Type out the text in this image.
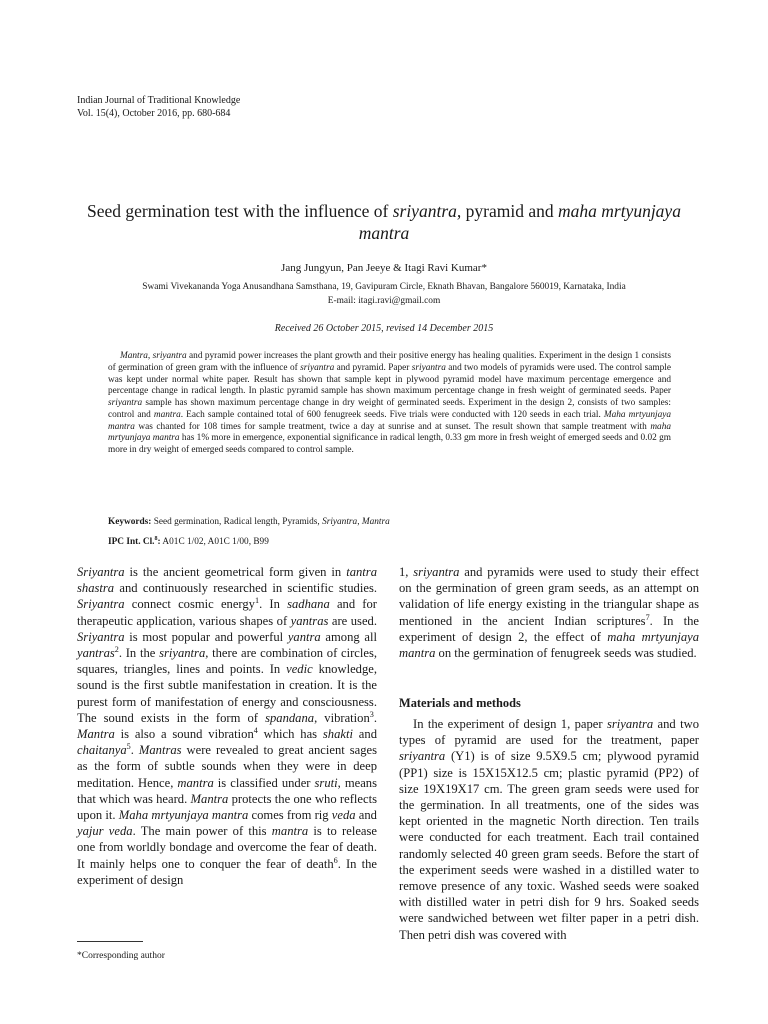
Indian Journal of Traditional Knowledge
Vol. 15(4), October 2016, pp. 680-684
Seed germination test with the influence of sriyantra, pyramid and maha mrtyunjaya mantra
Jang Jungyun, Pan Jeeye & Itagi Ravi Kumar*
Swami Vivekananda Yoga Anusandhana Samsthana, 19, Gavipuram Circle, Eknath Bhavan, Bangalore 560019, Karnataka, India
E-mail: itagi.ravi@gmail.com
Received 26 October 2015, revised 14 December 2015

Mantra, sriyantra and pyramid power increases the plant growth and their positive energy has healing qualities. Experiment in the design 1 consists of germination of green gram with the influence of sriyantra and pyramid. Paper sriyantra and two models of pyramids were used. The control sample was kept under normal white paper. Result has shown that sample kept in plywood pyramid model have maximum percentage emergence and percentage change in radical length. In plastic pyramid sample has shown maximum percentage change in fresh weight of germinated seeds. Paper sriyantra sample has shown maximum percentage change in dry weight of germinated seeds. Experiment in the design 2, consists of two samples: control and mantra. Each sample contained total of 600 fenugreek seeds. Five trials were conducted with 120 seeds in each trial. Maha mrtyunjaya mantra was chanted for 108 times for sample treatment, twice a day at sunrise and at sunset. The result shown that sample treatment with maha mrtyunjaya mantra has 1% more in emergence, exponential significance in radical length, 0.33 gm more in fresh weight of emerged seeds and 0.02 gm more in dry weight of emerged seeds compared to control sample.

Keywords: Seed germination, Radical length, Pyramids, Sriyantra, Mantra
IPC Int. Cl.$^8$: A01C 1/02, A01C 1/00, B99

Sriyantra is the ancient geometrical form given in tantra shastra and continuously researched in scientific studies. Sriyantra connect cosmic energy$^1$. In sadhana and for therapeutic application, various shapes of yantras are used. Sriyantra is most popular and powerful yantra among all yantras$^2$. In the sriyantra, there are combination of circles, squares, triangles, lines and points. In vedic knowledge, sound is the first subtle manifestation in creation. It is the purest form of manifestation of energy and consciousness. The sound exists in the form of spandana, vibration$^3$. Mantra is also a sound vibration$^4$ which has shakti and chaitanya$^5$. Mantras were revealed to great ancient sages as the form of subtle sounds when they were in deep meditation. Hence, mantra is classified under sruti, means that which was heard. Mantra protects the one who reflects upon it. Maha mrtyunjaya mantra comes from rig veda and yajur veda. The main power of this mantra is to release one from worldly bondage and overcome the fear of death. It mainly helps one to conquer the fear of death$^6$. In the experiment of design

1, sriyantra and pyramids were used to study their effect on the germination of green gram seeds, as an attempt on validation of life energy existing in the triangular shape as mentioned in the ancient Indian scriptures$^7$. In the experiment of design 2, the effect of maha mrtyunjaya mantra on the germination of fenugreek seeds was studied.

Materials and methods

In the experiment of design 1, paper sriyantra and two types of pyramid are used for the treatment, paper sriyantra (Y1) is of size 9.5X9.5 cm; plywood pyramid (PP1) size is 15X15X12.5 cm; plastic pyramid (PP2) of size 19X19X17 cm. The green gram seeds were used for the germination. In all treatments, one of the sides was kept oriented in the magnetic North direction. Ten trails were conducted for each treatment. Each trail contained randomly selected 40 green gram seeds. Before the start of the experiment seeds were washed in a distilled water to remove presence of any toxic. Washed seeds were soaked with distilled water in petri dish for 9 hrs. Soaked seeds were sandwiched between wet filter paper in a petri dish. Then petri dish was covered with

*Corresponding author
